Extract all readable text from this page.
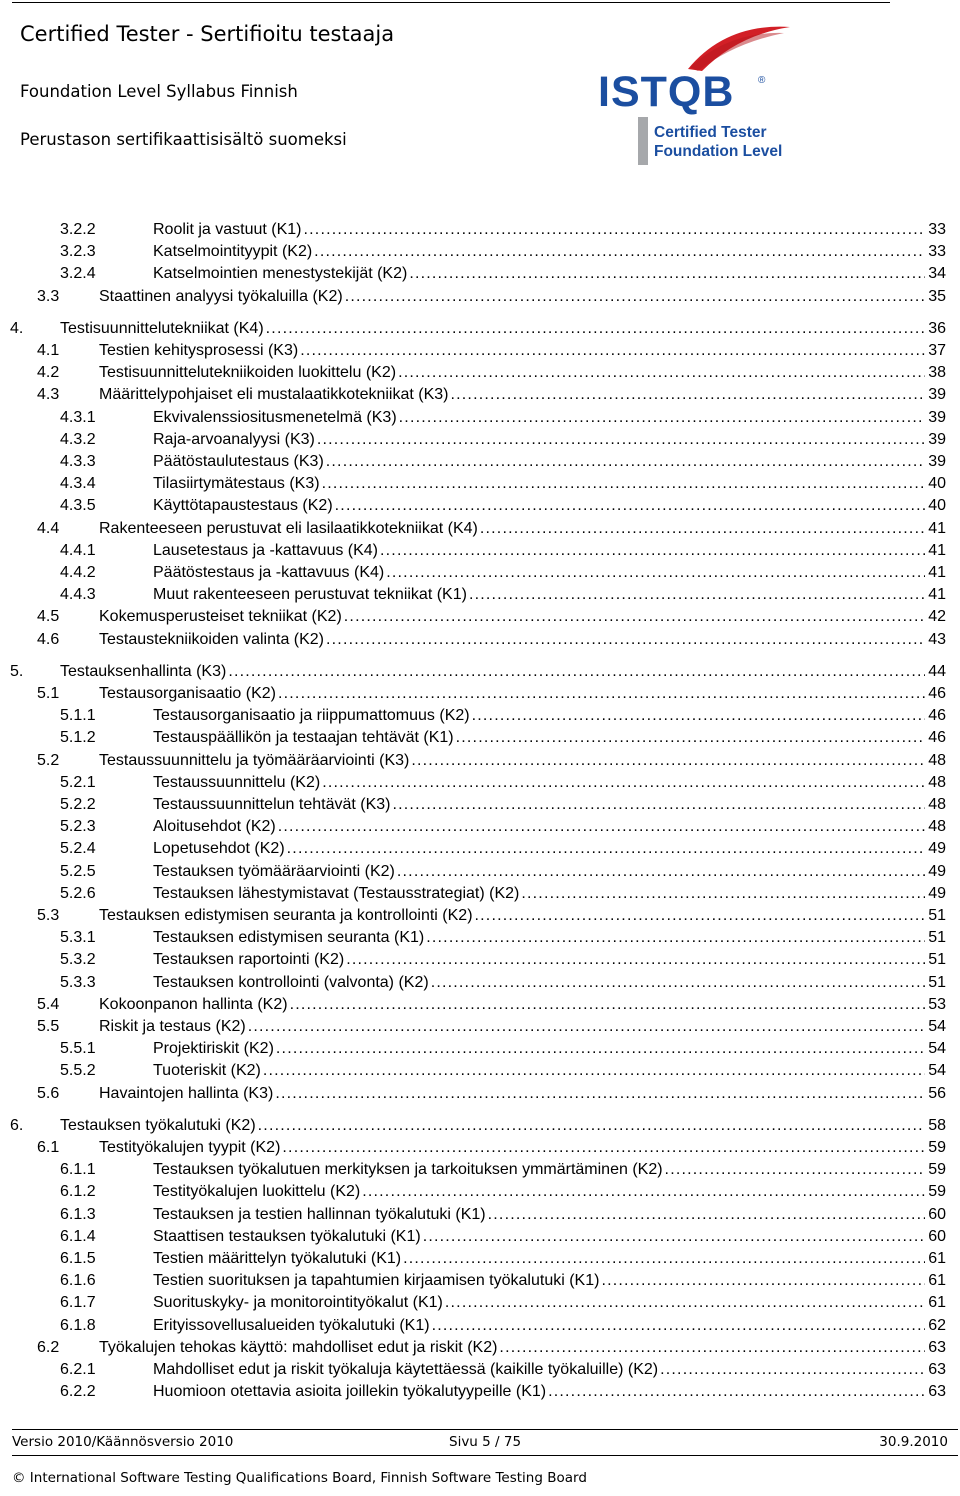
Certified Tester - Sertifioitu testaaja
Foundation Level Syllabus Finnish
Perustason sertifikaattisisältö suomeksi
ISTQB ®
Certified Tester
Foundation Level
3.2.2	Roolit ja vastuut (K1) .....	33
3.2.3	Katselmointityypit (K2) .....	33
3.2.4	Katselmointien menestystekijät (K2) .....	34
3.3 Staattinen analyysi työkaluilla (K2) .....	35
4. Testisuunnittelutekniikat (K4) .....	36
4.1 Testien kehitysprosessi (K3) .....	37
4.2 Testisuunnittelutekniikoiden luokittelu (K2) .....	38
4.3 Määrittelypohjaiset eli mustalaatikkotekniikat (K3) .....	39
4.3.1	Ekvivalenssiositusmenetelmä (K3) .....	39
4.3.2	Raja-arvoanalyysi (K3) .....	39
4.3.3	Päätöstaulutestaus (K3) .....	39
4.3.4	Tilasiirtymätestaus (K3) .....	40
4.3.5	Käyttötapaustestaus (K2) .....	40
4.4 Rakenteeseen perustuvat eli lasilaatikkotekniikat (K4) .....	41
4.4.1	Lausetestaus ja -kattavuus (K4) .....	41
4.4.2	Päätöstestaus ja -kattavuus (K4) .....	41
4.4.3	Muut rakenteeseen perustuvat tekniikat (K1) .....	41
4.5 Kokemusperusteiset tekniikat (K2) .....	42
4.6 Testaustekniikoiden valinta (K2) .....	43
5. Testauksenhallinta (K3) .....	44
5.1 Testausorganisaatio (K2) .....	46
5.1.1	Testausorganisaatio ja riippumattomuus (K2) .....	46
5.1.2	Testauspäällikön ja testaajan tehtävät (K1) .....	46
5.2 Testaussuunnittelu ja työmääräarviointi (K3) .....	48
5.2.1	Testaussuunnittelu (K2) .....	48
5.2.2	Testaussuunnittelun tehtävät (K3) .....	48
5.2.3	Aloitusehdot (K2) .....	48
5.2.4	Lopetusehdot (K2) .....	49
5.2.5	Testauksen työmääräarviointi (K2) .....	49
5.2.6	Testauksen lähestymistavat (Testausstrategiat) (K2) .....	49
5.3 Testauksen edistymisen seuranta ja kontrollointi (K2) .....	51
5.3.1	Testauksen edistymisen seuranta (K1) .....	51
5.3.2	Testauksen raportointi (K2) .....	51
5.3.3	Testauksen kontrollointi (valvonta) (K2) .....	51
5.4 Kokoonpanon hallinta (K2) .....	53
5.5 Riskit ja testaus (K2) .....	54
5.5.1	Projektiriskit (K2) .....	54
5.5.2	Tuoteriskit (K2) .....	54
5.6 Havaintojen hallinta (K3) .....	56
6. Testauksen työkalutuki (K2) .....	58
6.1 Testityökalujen tyypit (K2) .....	59
6.1.1	Testauksen työkalutuen merkityksen ja tarkoituksen ymmärtäminen (K2) .....	59
6.1.2	Testityökalujen luokittelu (K2) .....	59
6.1.3	Testauksen ja testien hallinnan työkalutuki (K1) .....	60
6.1.4	Staattisen testauksen työkalutuki (K1) .....	60
6.1.5	Testien määrittelyn työkalutuki (K1) .....	61
6.1.6	Testien suorituksen ja tapahtumien kirjaamisen työkalutuki (K1) .....	61
6.1.7	Suorituskyky- ja monitorointityökalut (K1) .....	61
6.1.8	Erityissovellusalueiden työkalutuki (K1) .....	62
6.2 Työkalujen tehokas käyttö: mahdolliset edut ja riskit (K2) .....	63
6.2.1	Mahdolliset edut ja riskit työkaluja käytettäessä (kaikille työkaluille) (K2) .....	63
6.2.2	Huomioon otettavia asioita joillekin työkalutyypeille (K1) .....	63
Versio 2010/Käännösversio 2010	Sivu 5 / 75	30.9.2010
© International Software Testing Qualifications Board, Finnish Software Testing Board
